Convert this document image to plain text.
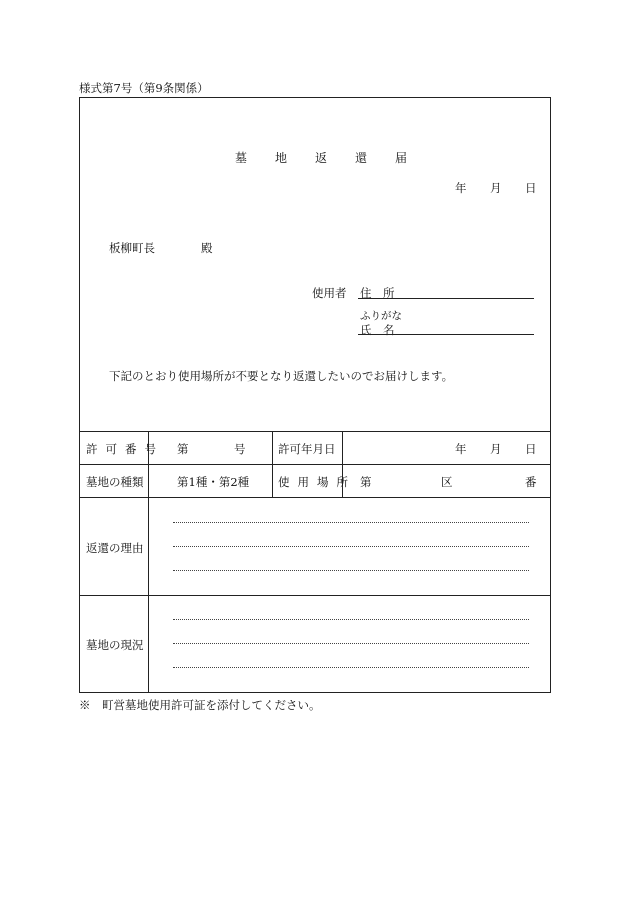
様式第7号（第9条関係）
墓地返還届
年 月 日
板柳町長	殿
使用者 住　所
ふりがな
氏　名
下記のとおり使用場所が不要となり返還したいのでお届けします。
許可番号 第	号	許可年月日	年 月 日
墓地の種類	第1種・第2種	使用場所 第	区	番
返還の理由
墓地の現況
※　町営墓地使用許可証を添付してください。
